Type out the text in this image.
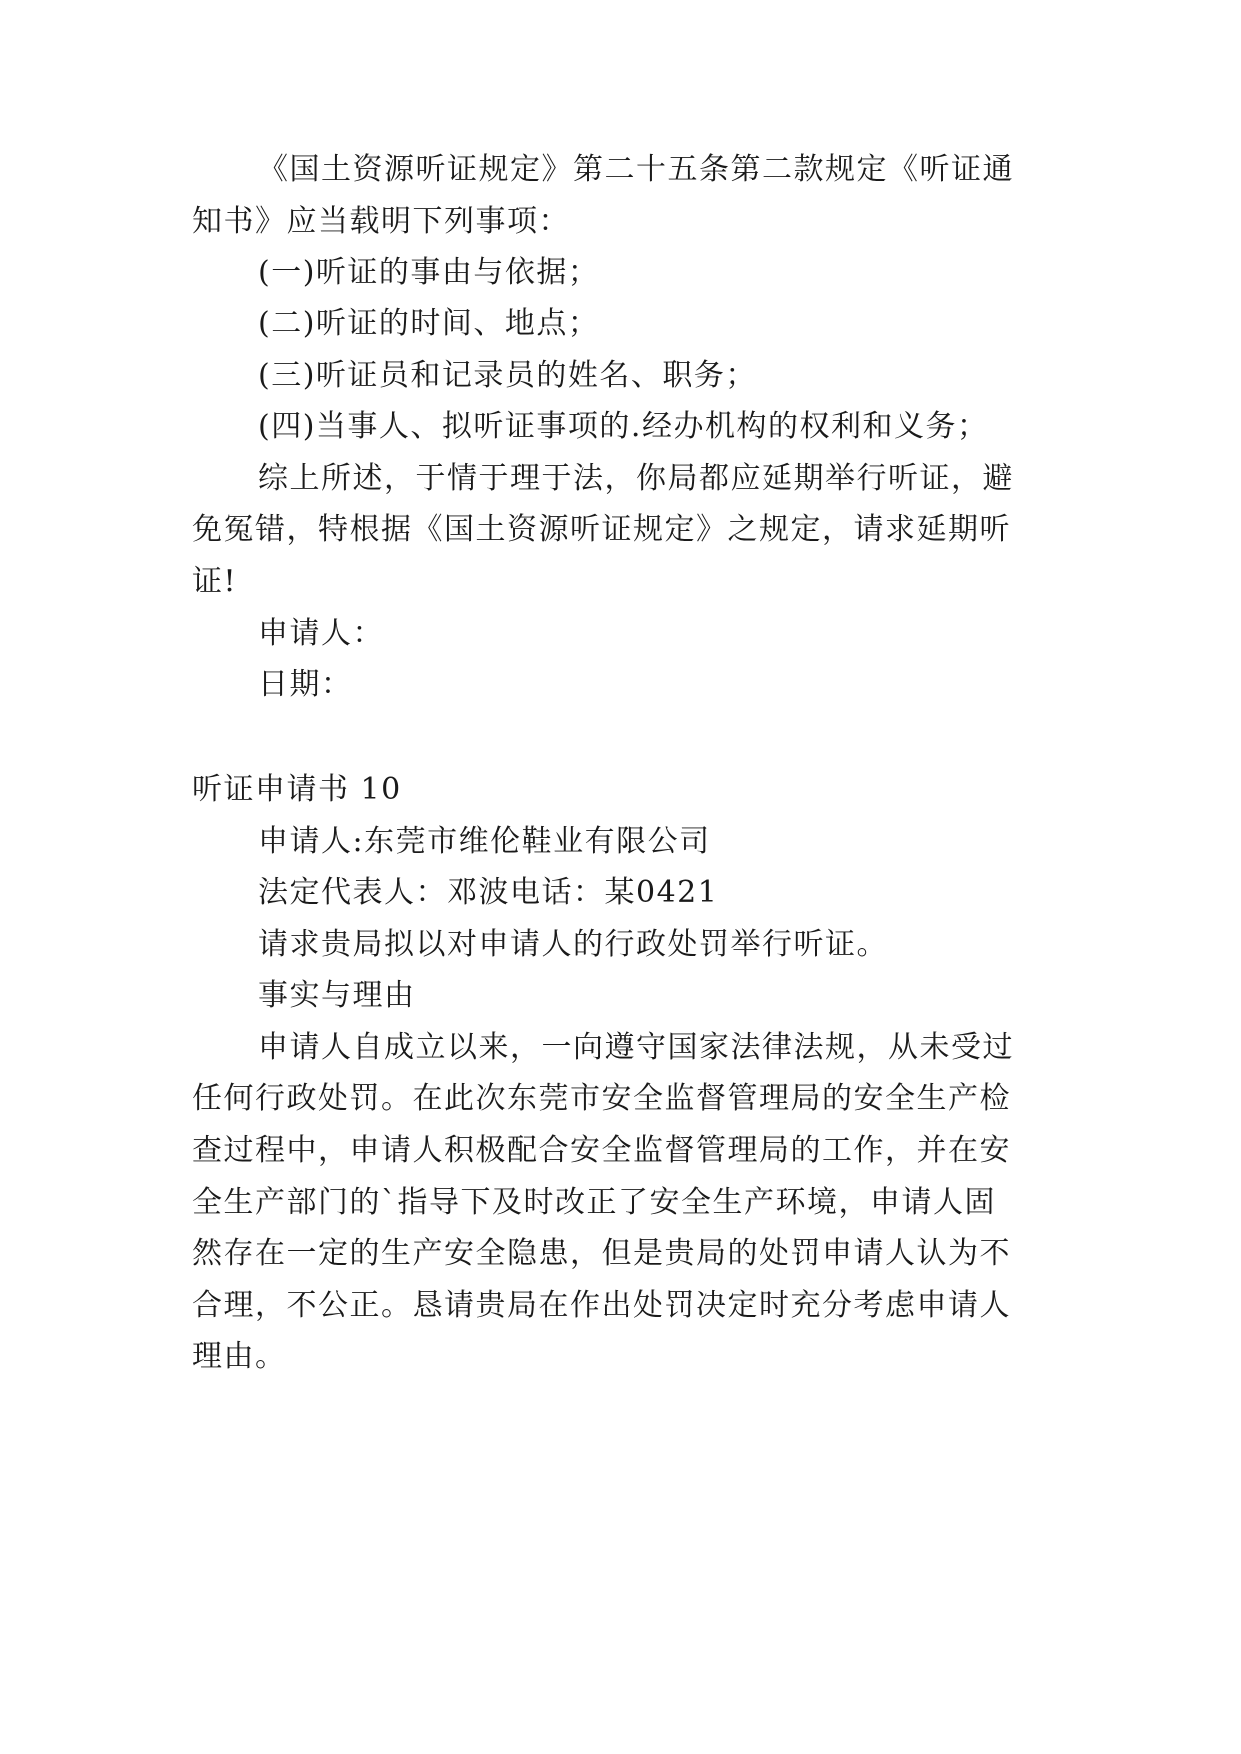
《国土资源听证规定》第二十五条第二款规定《听证通
知书》应当载明下列事项：
(一)听证的事由与依据；
(二)听证的时间、地点；
(三)听证员和记录员的姓名、职务；
(四)当事人、拟听证事项的.经办机构的权利和义务；
综上所述，于情于理于法，你局都应延期举行听证，避
免冤错，特根据《国土资源听证规定》之规定，请求延期听
证!
申请人：
日期：
听证申请书 10
申请人:东莞市维伦鞋业有限公司
法定代表人：邓波电话：某0421
请求贵局拟以对申请人的行政处罚举行听证。
事实与理由
申请人自成立以来，一向遵守国家法律法规，从未受过
任何行政处罚。在此次东莞市安全监督管理局的安全生产检
查过程中，申请人积极配合安全监督管理局的工作，并在安
全生产部门的`指导下及时改正了安全生产环境，申请人固
然存在一定的生产安全隐患，但是贵局的处罚申请人认为不
合理，不公正。恳请贵局在作出处罚决定时充分考虑申请人
理由。
